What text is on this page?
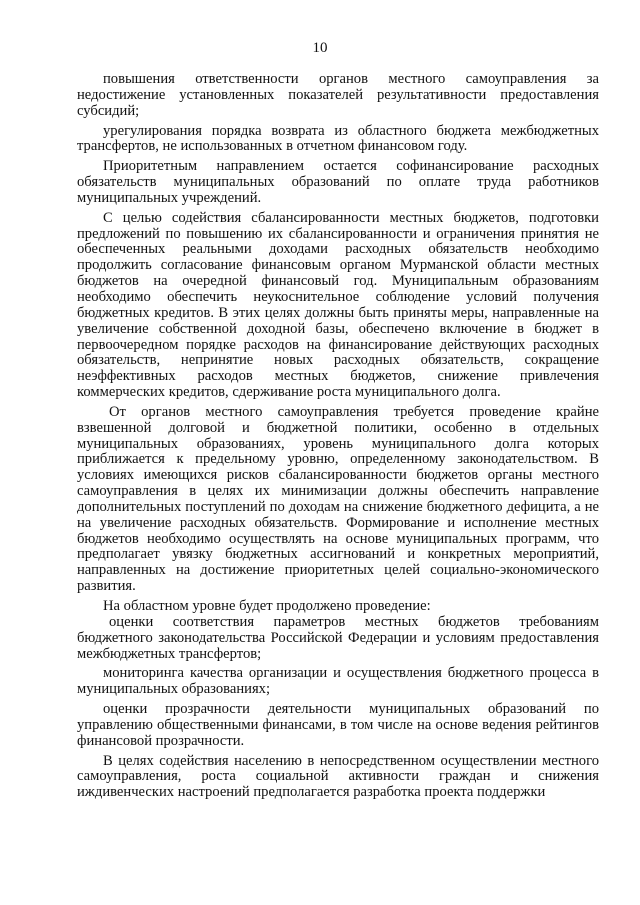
10

повышения ответственности органов местного самоуправления за недостижение установленных показателей результативности предоставления субсидий;

урегулирования порядка возврата из областного бюджета межбюджетных трансфертов, не использованных в отчетном финансовом году.

Приоритетным направлением остается софинансирование расходных обязательств муниципальных образований по оплате труда работников муниципальных учреждений.

С целью содействия сбалансированности местных бюджетов, подготовки предложений по повышению их сбалансированности и ограничения принятия не обеспеченных реальными доходами расходных обязательств необходимо продолжить согласование финансовым органом Мурманской области местных бюджетов на очередной финансовый год. Муниципальным образованиям необходимо обеспечить неукоснительное соблюдение условий получения бюджетных кредитов. В этих целях должны быть приняты меры, направленные на увеличение собственной доходной базы, обеспечено включение в бюджет в первоочередном порядке расходов на финансирование действующих расходных обязательств, непринятие новых расходных обязательств, сокращение неэффективных расходов местных бюджетов, снижение привлечения коммерческих кредитов, сдерживание роста муниципального долга.

От органов местного самоуправления требуется проведение крайне взвешенной долговой и бюджетной политики, особенно в отдельных муниципальных образованиях, уровень муниципального долга которых приближается к предельному уровню, определенному законодательством. В условиях имеющихся рисков сбалансированности бюджетов органы местного самоуправления в целях их минимизации должны обеспечить направление дополнительных поступлений по доходам на снижение бюджетного дефицита, а не на увеличение расходных обязательств. Формирование и исполнение местных бюджетов необходимо осуществлять на основе муниципальных программ, что предполагает увязку бюджетных ассигнований и конкретных мероприятий, направленных на достижение приоритетных целей социально-экономического развития.

На областном уровне будет продолжено проведение:

оценки соответствия параметров местных бюджетов требованиям бюджетного законодательства Российской Федерации и условиям предоставления межбюджетных трансфертов;

мониторинга качества организации и осуществления бюджетного процесса в муниципальных образованиях;

оценки прозрачности деятельности муниципальных образований по управлению общественными финансами, в том числе на основе ведения рейтингов финансовой прозрачности.

В целях содействия населению в непосредственном осуществлении местного самоуправления, роста социальной активности граждан и снижения иждивенческих настроений предполагается разработка проекта поддержки
